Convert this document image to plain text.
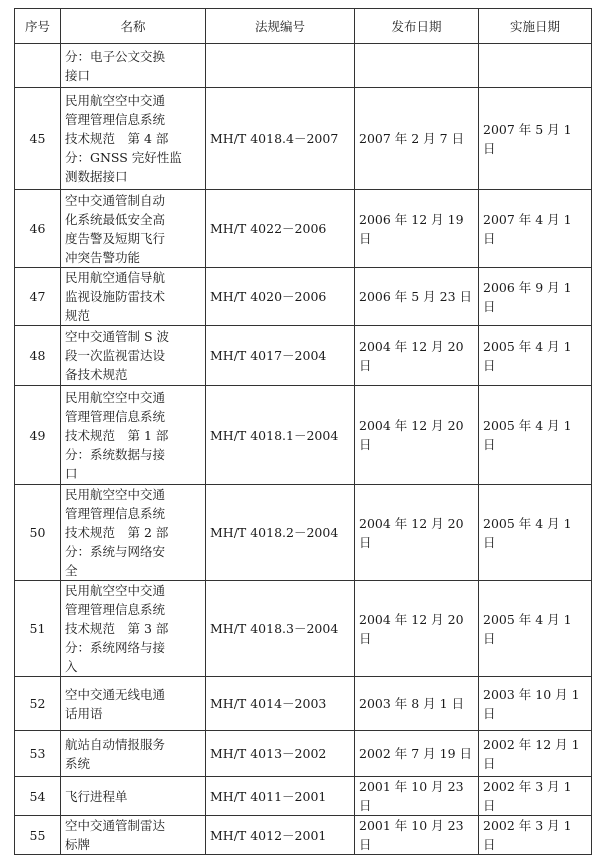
序号	名称	法规编号	发布日期	实施日期

	分：电子公文交换
接口			

45	民用航空空中交通
管理管理信息系统
技术规范　第 4 部
分：GNSS 完好性监
测数据接口	MH/T 4018.4－2007	2007 年 2 月 7 日	2007 年 5 月 1 日
46	空中交通管制自动
化系统最低安全高
度告警及短期飞行
冲突告警功能	MH/T 4022－2006	2006 年 12 月 19 日	2007 年 4 月 1 日
47	民用航空通信导航
监视设施防雷技术
规范	MH/T 4020－2006	2006 年 5 月 23 日	2006 年 9 月 1 日
48	空中交通管制 S 波
段一次监视雷达设
备技术规范	MH/T 4017－2004	2004 年 12 月 20 日	2005 年 4 月 1 日
49	民用航空空中交通
管理管理信息系统
技术规范　第 1 部
分：系统数据与接
口	MH/T 4018.1－2004	2004 年 12 月 20 日	2005 年 4 月 1 日
50	民用航空空中交通
管理管理信息系统
技术规范　第 2 部
分：系统与网络安
全	MH/T 4018.2－2004	2004 年 12 月 20 日	2005 年 4 月 1 日
51	民用航空空中交通
管理管理信息系统
技术规范　第 3 部
分：系统网络与接
入	MH/T 4018.3－2004	2004 年 12 月 20 日	2005 年 4 月 1 日
52	空中交通无线电通
话用语	MH/T 4014－2003	2003 年 8 月 1 日	2003 年 10 月 1 日
53	航站自动情报服务
系统	MH/T 4013－2002	2002 年 7 月 19 日	2002 年 12 月 1 日
54	飞行进程单	MH/T 4011－2001	2001 年 10 月 23 日	2002 年 3 月 1 日
55	空中交通管制雷达
标牌	MH/T 4012－2001	2001 年 10 月 23 日	2002 年 3 月 1 日
